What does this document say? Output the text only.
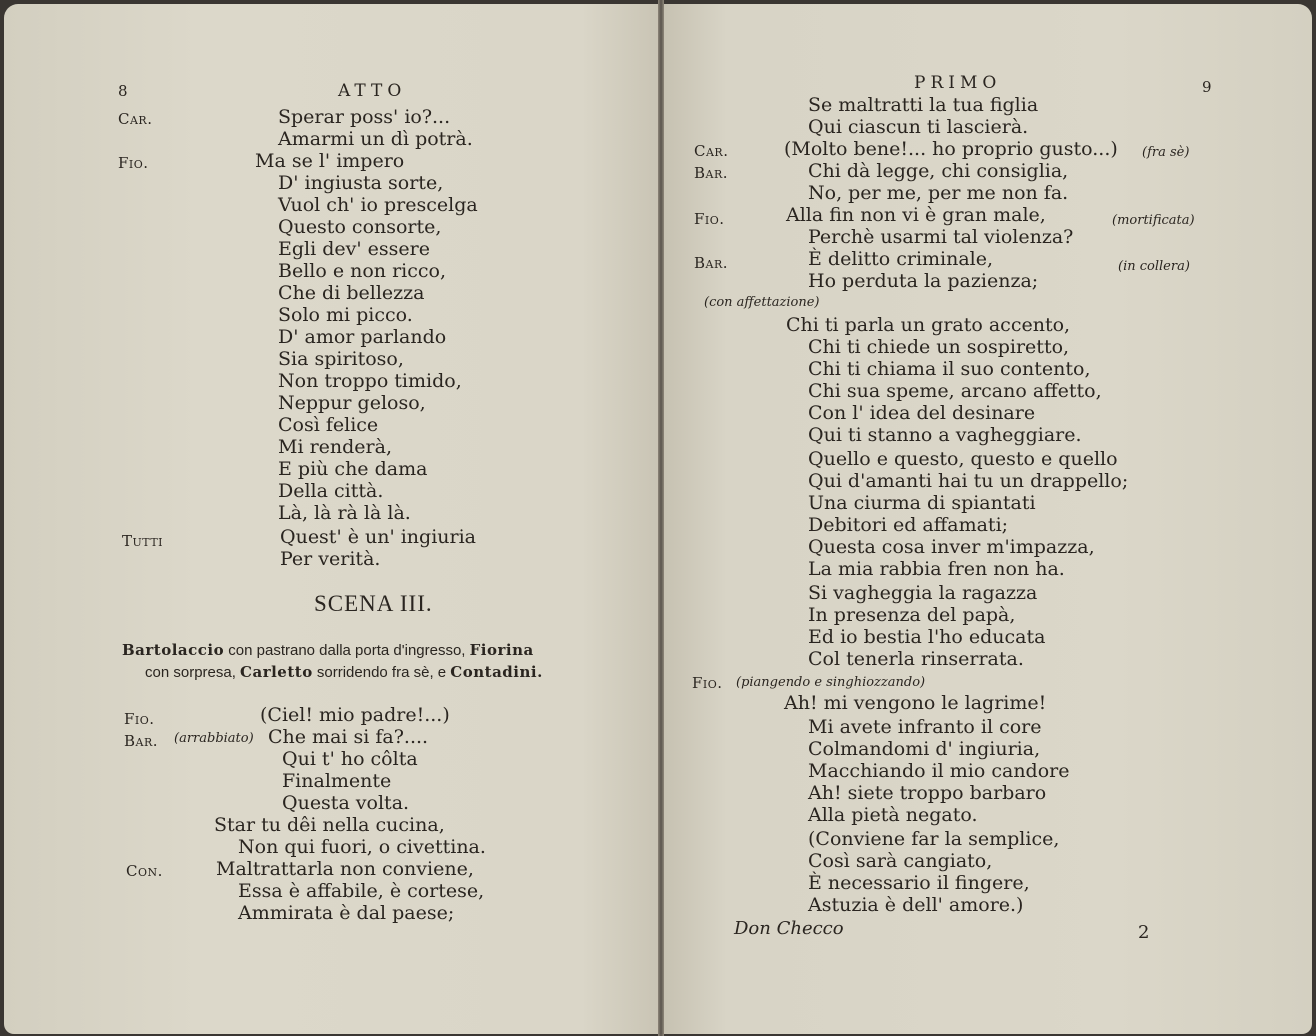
8	ATTO
Car.	Sperar poss' io?...
Amarmi un dì potrà.
Fio.	Ma se l' impero
D' ingiusta sorte,
Vuol ch' io prescelga
Questo consorte,
Egli dev' essere
Bello e non ricco,
Che di bellezza
Solo mi picco.
D' amor parlando
Sia spiritoso,
Non troppo timido,
Neppur geloso,
Così felice
Mi renderà,
E più che dama
Della città.
Là, là rà là là.
Tutti	Quest' è un' ingiuria
Per verità.
SCENA III.
Bartolaccio con pastrano dalla porta d'ingresso, Fiorina
con sorpresa, Carletto sorridendo fra sè, e Contadini.
Fio.	(Ciel! mio padre!...)
Bar. (arrabbiato) Che mai si fa?....
Qui t' ho côlta
Finalmente
Questa volta.
Star tu dêi nella cucina,
Non qui fuori, o civettina.
Con.	Maltrattarla non conviene,
Essa è affabile, è cortese,
Ammirata è dal paese;
PRIMO	9
Se maltratti la tua figlia
Qui ciascun ti lascierà.
Car.	(Molto bene!... ho proprio gusto...) (fra sè)
Bar.	Chi dà legge, chi consiglia,
No, per me, per me non fa.
Fio.	Alla fin non vi è gran male,	(mortificata)
Perchè usarmi tal violenza?
Bar.	È delitto criminale,	(in collera)
Ho perduta la pazienza;
(con affettazione)
Chi ti parla un grato accento,
Chi ti chiede un sospiretto,
Chi ti chiama il suo contento,
Chi sua speme, arcano affetto,
Con l' idea del desinare
Qui ti stanno a vagheggiare.
Quello e questo, questo e quello
Qui d'amanti hai tu un drappello;
Una ciurma di spiantati
Debitori ed affamati;
Questa cosa inver m'impazza,
La mia rabbia fren non ha.
Si vagheggia la ragazza
In presenza del papà,
Ed io bestia l'ho educata
Col tenerla rinserrata.
Fio. (piangendo e singhiozzando)
Ah! mi vengono le lagrime!
Mi avete infranto il core
Colmandomi d' ingiuria,
Macchiando il mio candore
Ah! siete troppo barbaro
Alla pietà negato.
(Conviene far la semplice,
Così sarà cangiato,
È necessario il fingere,
Astuzia è dell' amore.)
Don Checco	2
